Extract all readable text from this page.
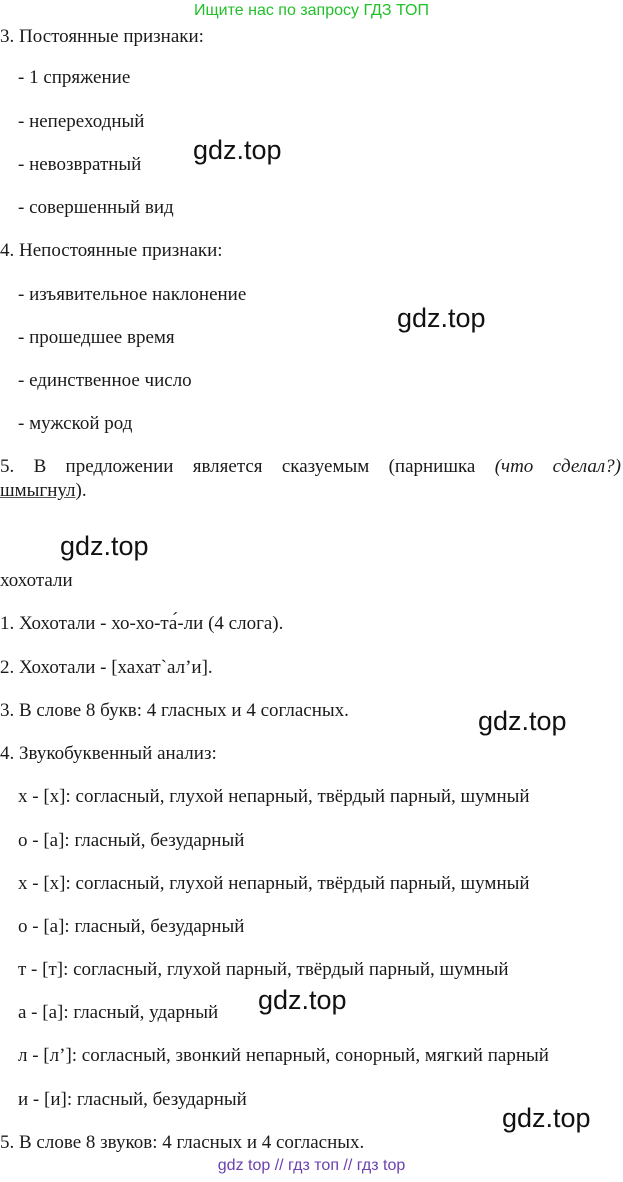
Ищите нас по запросу ГДЗ ТОП
3. Постоянные признаки:
- 1 спряжение
- непереходный
- невозвратный
- совершенный вид
4. Непостоянные признаки:
- изъявительное наклонение
- прошедшее время
- единственное число
- мужской род
5. В предложении является сказуемым (парнишка (что сделал?)
шмыгнул).
хохотали
1. Хохотали - хо-хо-та́-ли (4 слога).
2. Хохотали - [хахат`ал’и].
3. В слове 8 букв: 4 гласных и 4 согласных.
4. Звукобуквенный анализ:
х - [х]: согласный, глухой непарный, твёрдый парный, шумный
о - [а]: гласный, безударный
х - [х]: согласный, глухой непарный, твёрдый парный, шумный
о - [а]: гласный, безударный
т - [т]: согласный, глухой парный, твёрдый парный, шумный
а - [а]: гласный, ударный
л - [л’]: согласный, звонкий непарный, сонорный, мягкий парный
и - [и]: гласный, безударный
5. В слове 8 звуков: 4 гласных и 4 согласных.
gdz.top
gdz.top
gdz.top
gdz.top
gdz.top
gdz.top
gdz top // гдз топ // гдз top
